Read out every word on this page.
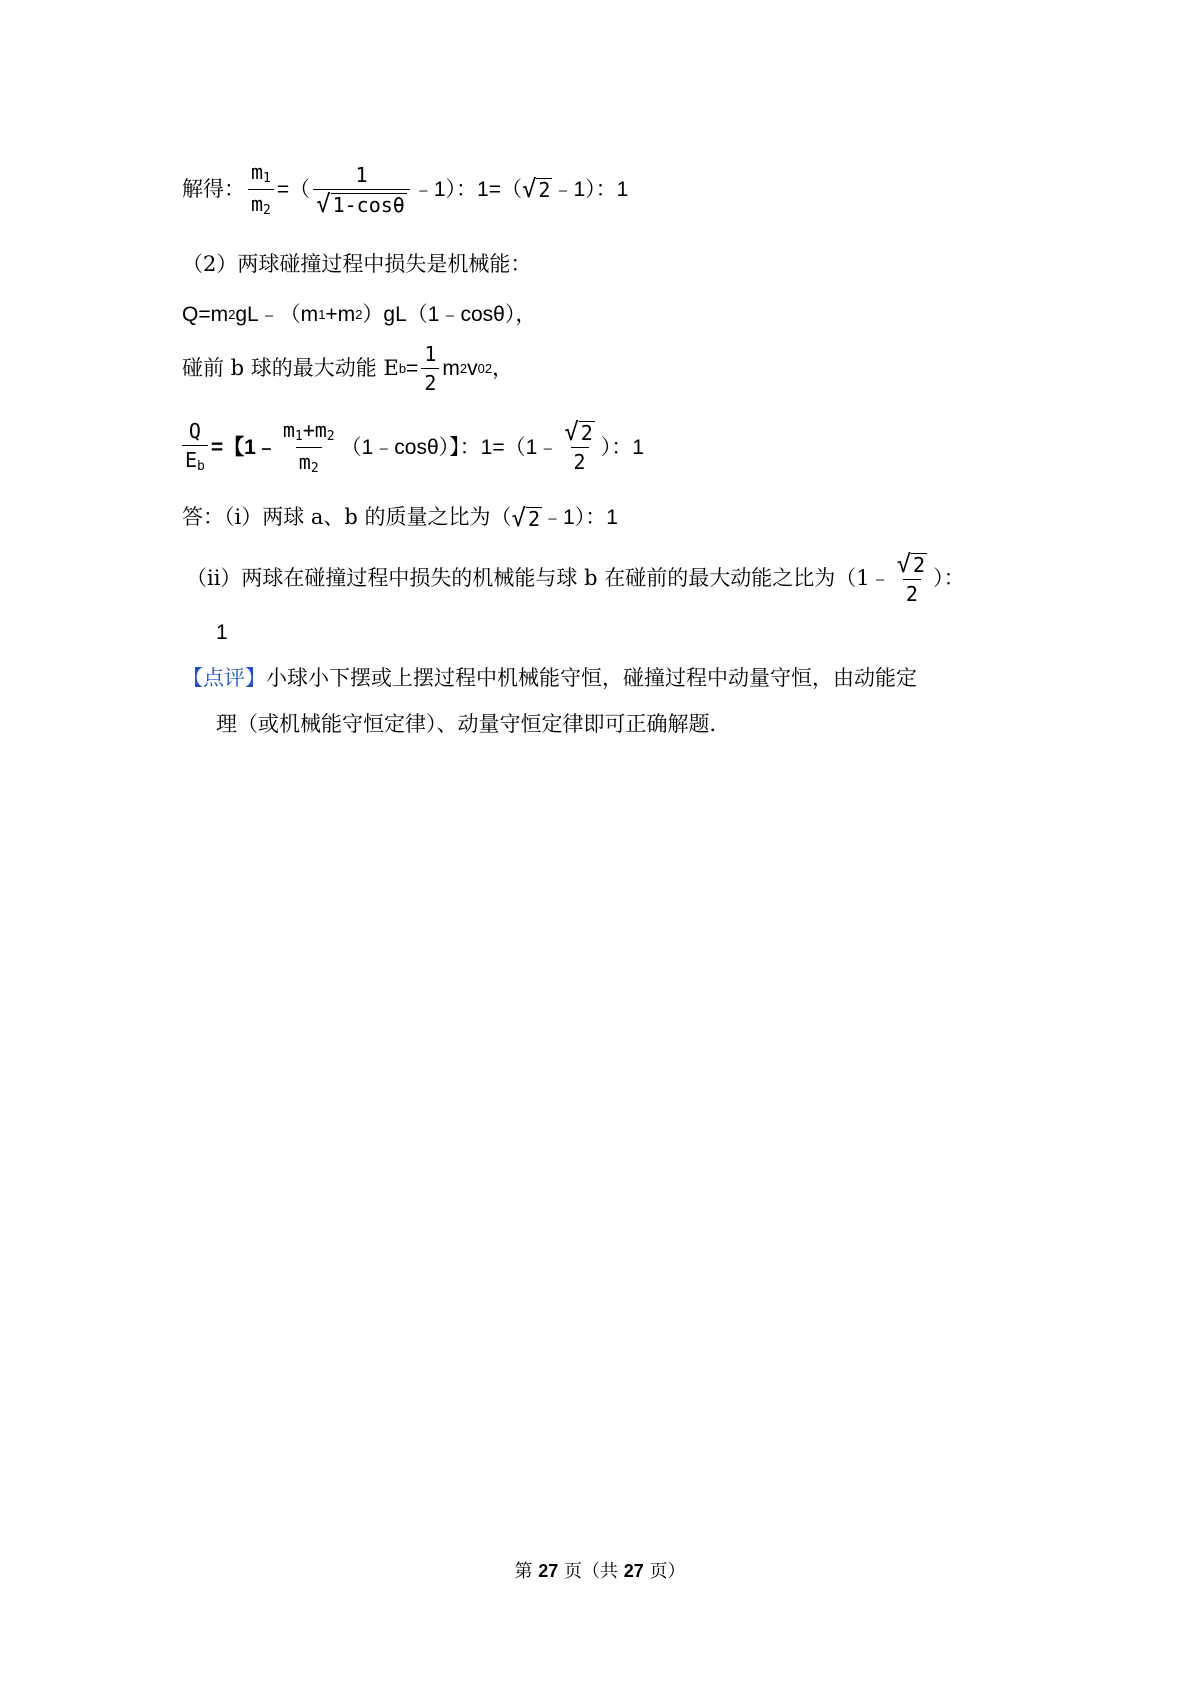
解得： $\frac{m_1}{m_2}$ =（ $\frac{1}{√ 1-\cos\theta}$ ﹣1）：1=（ √ 2 ﹣1）：1
（2）两球碰撞过程中损失是机械能：
Q=m 2 gL﹣（m 1 +m 2 ）gL（1﹣cosθ），
碰前 b 球的最大动能 E $b = \frac{1}{2}$ m 2 v 0 2 ，
$\frac{Q}{E_b}$ =【1﹣ $\frac{m_1+m_2}{m_2}$ （1﹣cosθ）】：1=（1﹣ $\frac{√ 2}{2}$ ）：1
答：（i）两球 a、b 的质量之比为（ √ 2 ﹣1）：1
（ii）两球在碰撞过程中损失的机械能与球 b 在碰前的最大动能之比为（1﹣ $\frac{√ 2}{2}$ ）：
1
【点评】 小球小下摆或上摆过程中机械能守恒，碰撞过程中动量守恒，由动能定
理（或机械能守恒定律）、动量守恒定律即可正确解题．
第 27 页（共 27 页）
